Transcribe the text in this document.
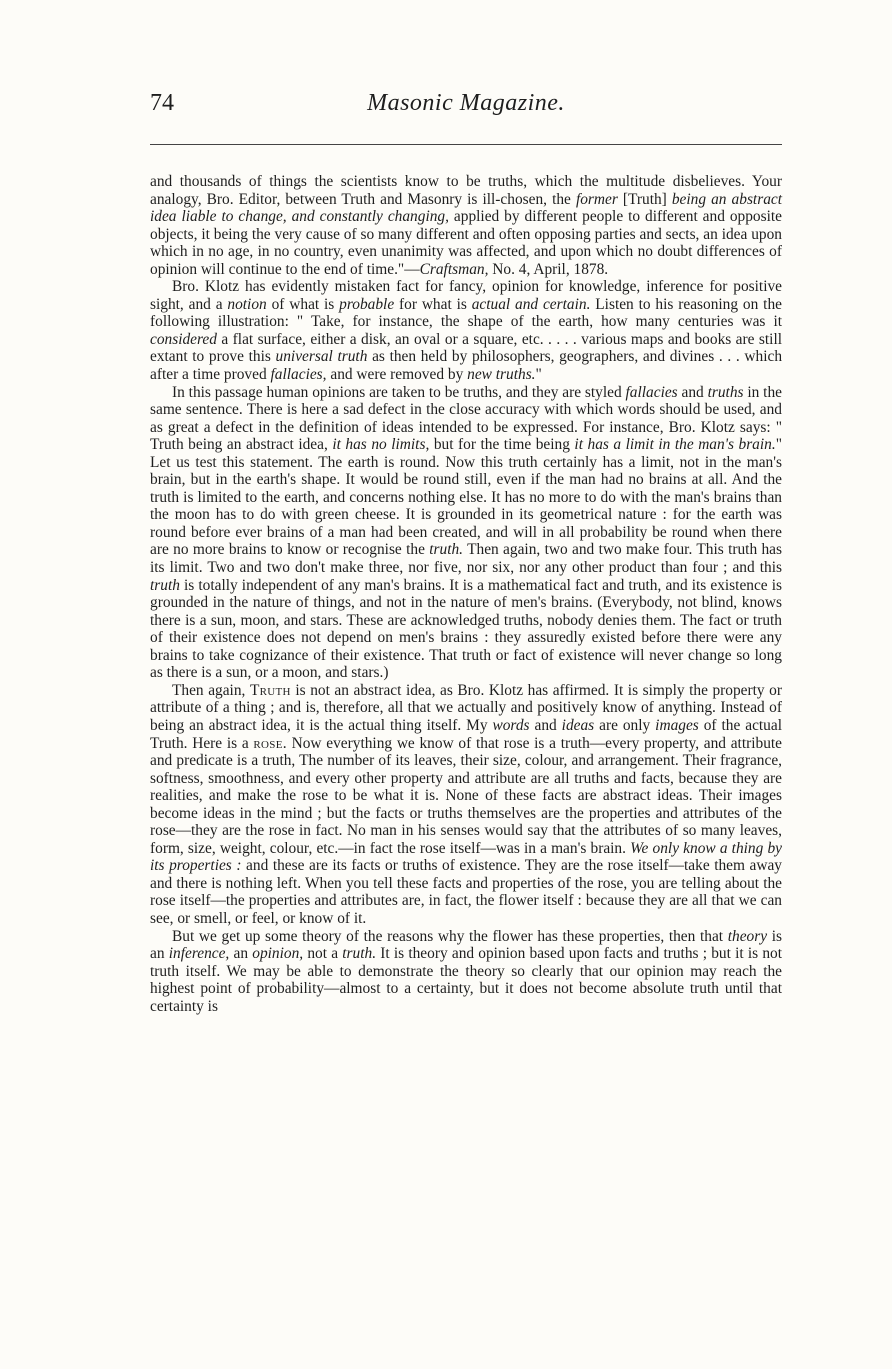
74	Masonic Magazine.

and thousands of things the scientists know to be truths, which the multitude disbelieves. Your analogy, Bro. Editor, between Truth and Masonry is ill-chosen, the former [Truth] being an abstract idea liable to change, and constantly changing, applied by different people to different and opposite objects, it being the very cause of so many different and often opposing parties and sects, an idea upon which in no age, in no country, even unanimity was affected, and upon which no doubt differences of opinion will continue to the end of time."—Craftsman, No. 4, April, 1878.

Bro. Klotz has evidently mistaken fact for fancy, opinion for knowledge, inference for positive sight, and a notion of what is probable for what is actual and certain. Listen to his reasoning on the following illustration: " Take, for instance, the shape of the earth, how many centuries was it considered a flat surface, either a disk, an oval or a square, etc. . . . . various maps and books are still extant to prove this universal truth as then held by philosophers, geographers, and divines . . . which after a time proved fallacies, and were removed by new truths."

In this passage human opinions are taken to be truths, and they are styled fallacies and truths in the same sentence. There is here a sad defect in the close accuracy with which words should be used, and as great a defect in the definition of ideas intended to be expressed. For instance, Bro. Klotz says: " Truth being an abstract idea, it has no limits, but for the time being it has a limit in the man's brain." Let us test this statement. The earth is round. Now this truth certainly has a limit, not in the man's brain, but in the earth's shape. It would be round still, even if the man had no brains at all. And the truth is limited to the earth, and concerns nothing else. It has no more to do with the man's brains than the moon has to do with green cheese. It is grounded in its geometrical nature : for the earth was round before ever brains of a man had been created, and will in all probability be round when there are no more brains to know or recognise the truth. Then again, two and two make four. This truth has its limit. Two and two don't make three, nor five, nor six, nor any other product than four ; and this truth is totally independent of any man's brains. It is a mathematical fact and truth, and its existence is grounded in the nature of things, and not in the nature of men's brains. (Everybody, not blind, knows there is a sun, moon, and stars. These are acknowledged truths, nobody denies them. The fact or truth of their existence does not depend on men's brains : they assuredly existed before there were any brains to take cognizance of their existence. That truth or fact of existence will never change so long as there is a sun, or a moon, and stars.)

Then again, Truth is not an abstract idea, as Bro. Klotz has affirmed. It is simply the property or attribute of a thing ; and is, therefore, all that we actually and positively know of anything. Instead of being an abstract idea, it is the actual thing itself. My words and ideas are only images of the actual Truth. Here is a rose. Now everything we know of that rose is a truth—every property, and attribute and predicate is a truth, The number of its leaves, their size, colour, and arrangement. Their fragrance, softness, smoothness, and every other property and attribute are all truths and facts, because they are realities, and make the rose to be what it is. None of these facts are abstract ideas. Their images become ideas in the mind ; but the facts or truths themselves are the properties and attributes of the rose—they are the rose in fact. No man in his senses would say that the attributes of so many leaves, form, size, weight, colour, etc.—in fact the rose itself—was in a man's brain. We only know a thing by its properties : and these are its facts or truths of existence. They are the rose itself—take them away and there is nothing left. When you tell these facts and properties of the rose, you are telling about the rose itself—the properties and attributes are, in fact, the flower itself : because they are all that we can see, or smell, or feel, or know of it.

But we get up some theory of the reasons why the flower has these properties, then that theory is an inference, an opinion, not a truth. It is theory and opinion based upon facts and truths ; but it is not truth itself. We may be able to demonstrate the theory so clearly that our opinion may reach the highest point of probability—almost to a certainty, but it does not become absolute truth until that certainty is
